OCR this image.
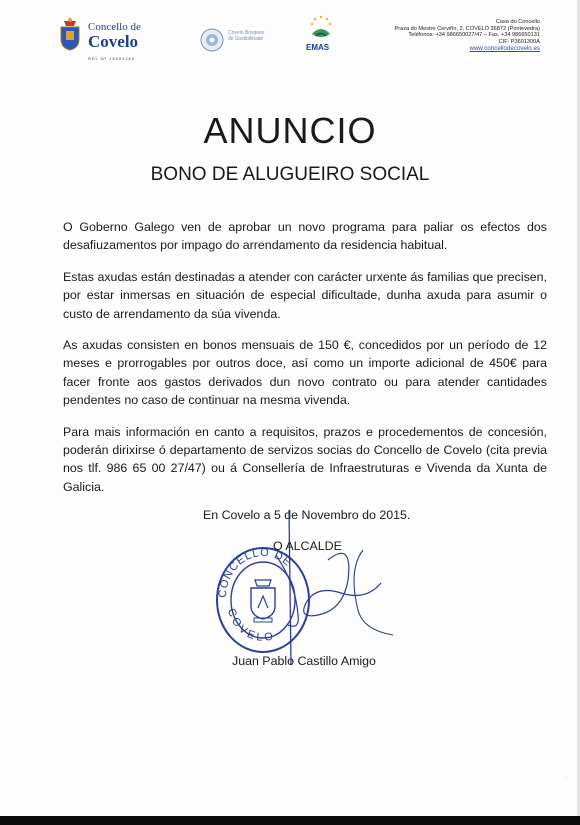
Concello de
Covelo
REL Nº 15001262
Covelo Bosques de Sostibilidade
EMAS
Casa do Concello
Praza do Mestre Cerviño, 2. COVELO 36872 (Pontevedra)
Teléfonos: +34 986650027/47 – Fax. +34 986650131
CIF: P3601300A
www.concellodecovelo.es
ANUNCIO
BONO DE ALUGUEIRO SOCIAL

O Goberno Galego ven de aprobar un novo programa para paliar os efectos dos desafiuzamentos por impago do arrendamento da residencia habitual.

Estas axudas están destinadas a atender con carácter urxente ás familias que precisen, por estar inmersas en situación de especial dificultade, dunha axuda para asumir o custo de arrendamento da súa vivenda.

As axudas consisten en bonos mensuais de 150 €, concedidos por un período de 12 meses e prorrogables por outros doce, así como un importe adicional de 450€ para facer fronte aos gastos derivados dun novo contrato ou para atender cantidades pendentes no caso de continuar na mesma vivenda.

Para mais información en canto a requisitos, prazos e procedementos de concesión, poderán dirixirse ó departamento de servizos socias do Concello de Covelo (cita previa nos tlf. 986 65 00 27/47) ou á Consellería de Infraestruturas e Vivenda da Xunta de Galicia.

En Covelo a 5 de Novembro do 2015.
CONCELLO DE
COVELO
O ALCALDE
Juan Pablo Castillo Amigo
·
